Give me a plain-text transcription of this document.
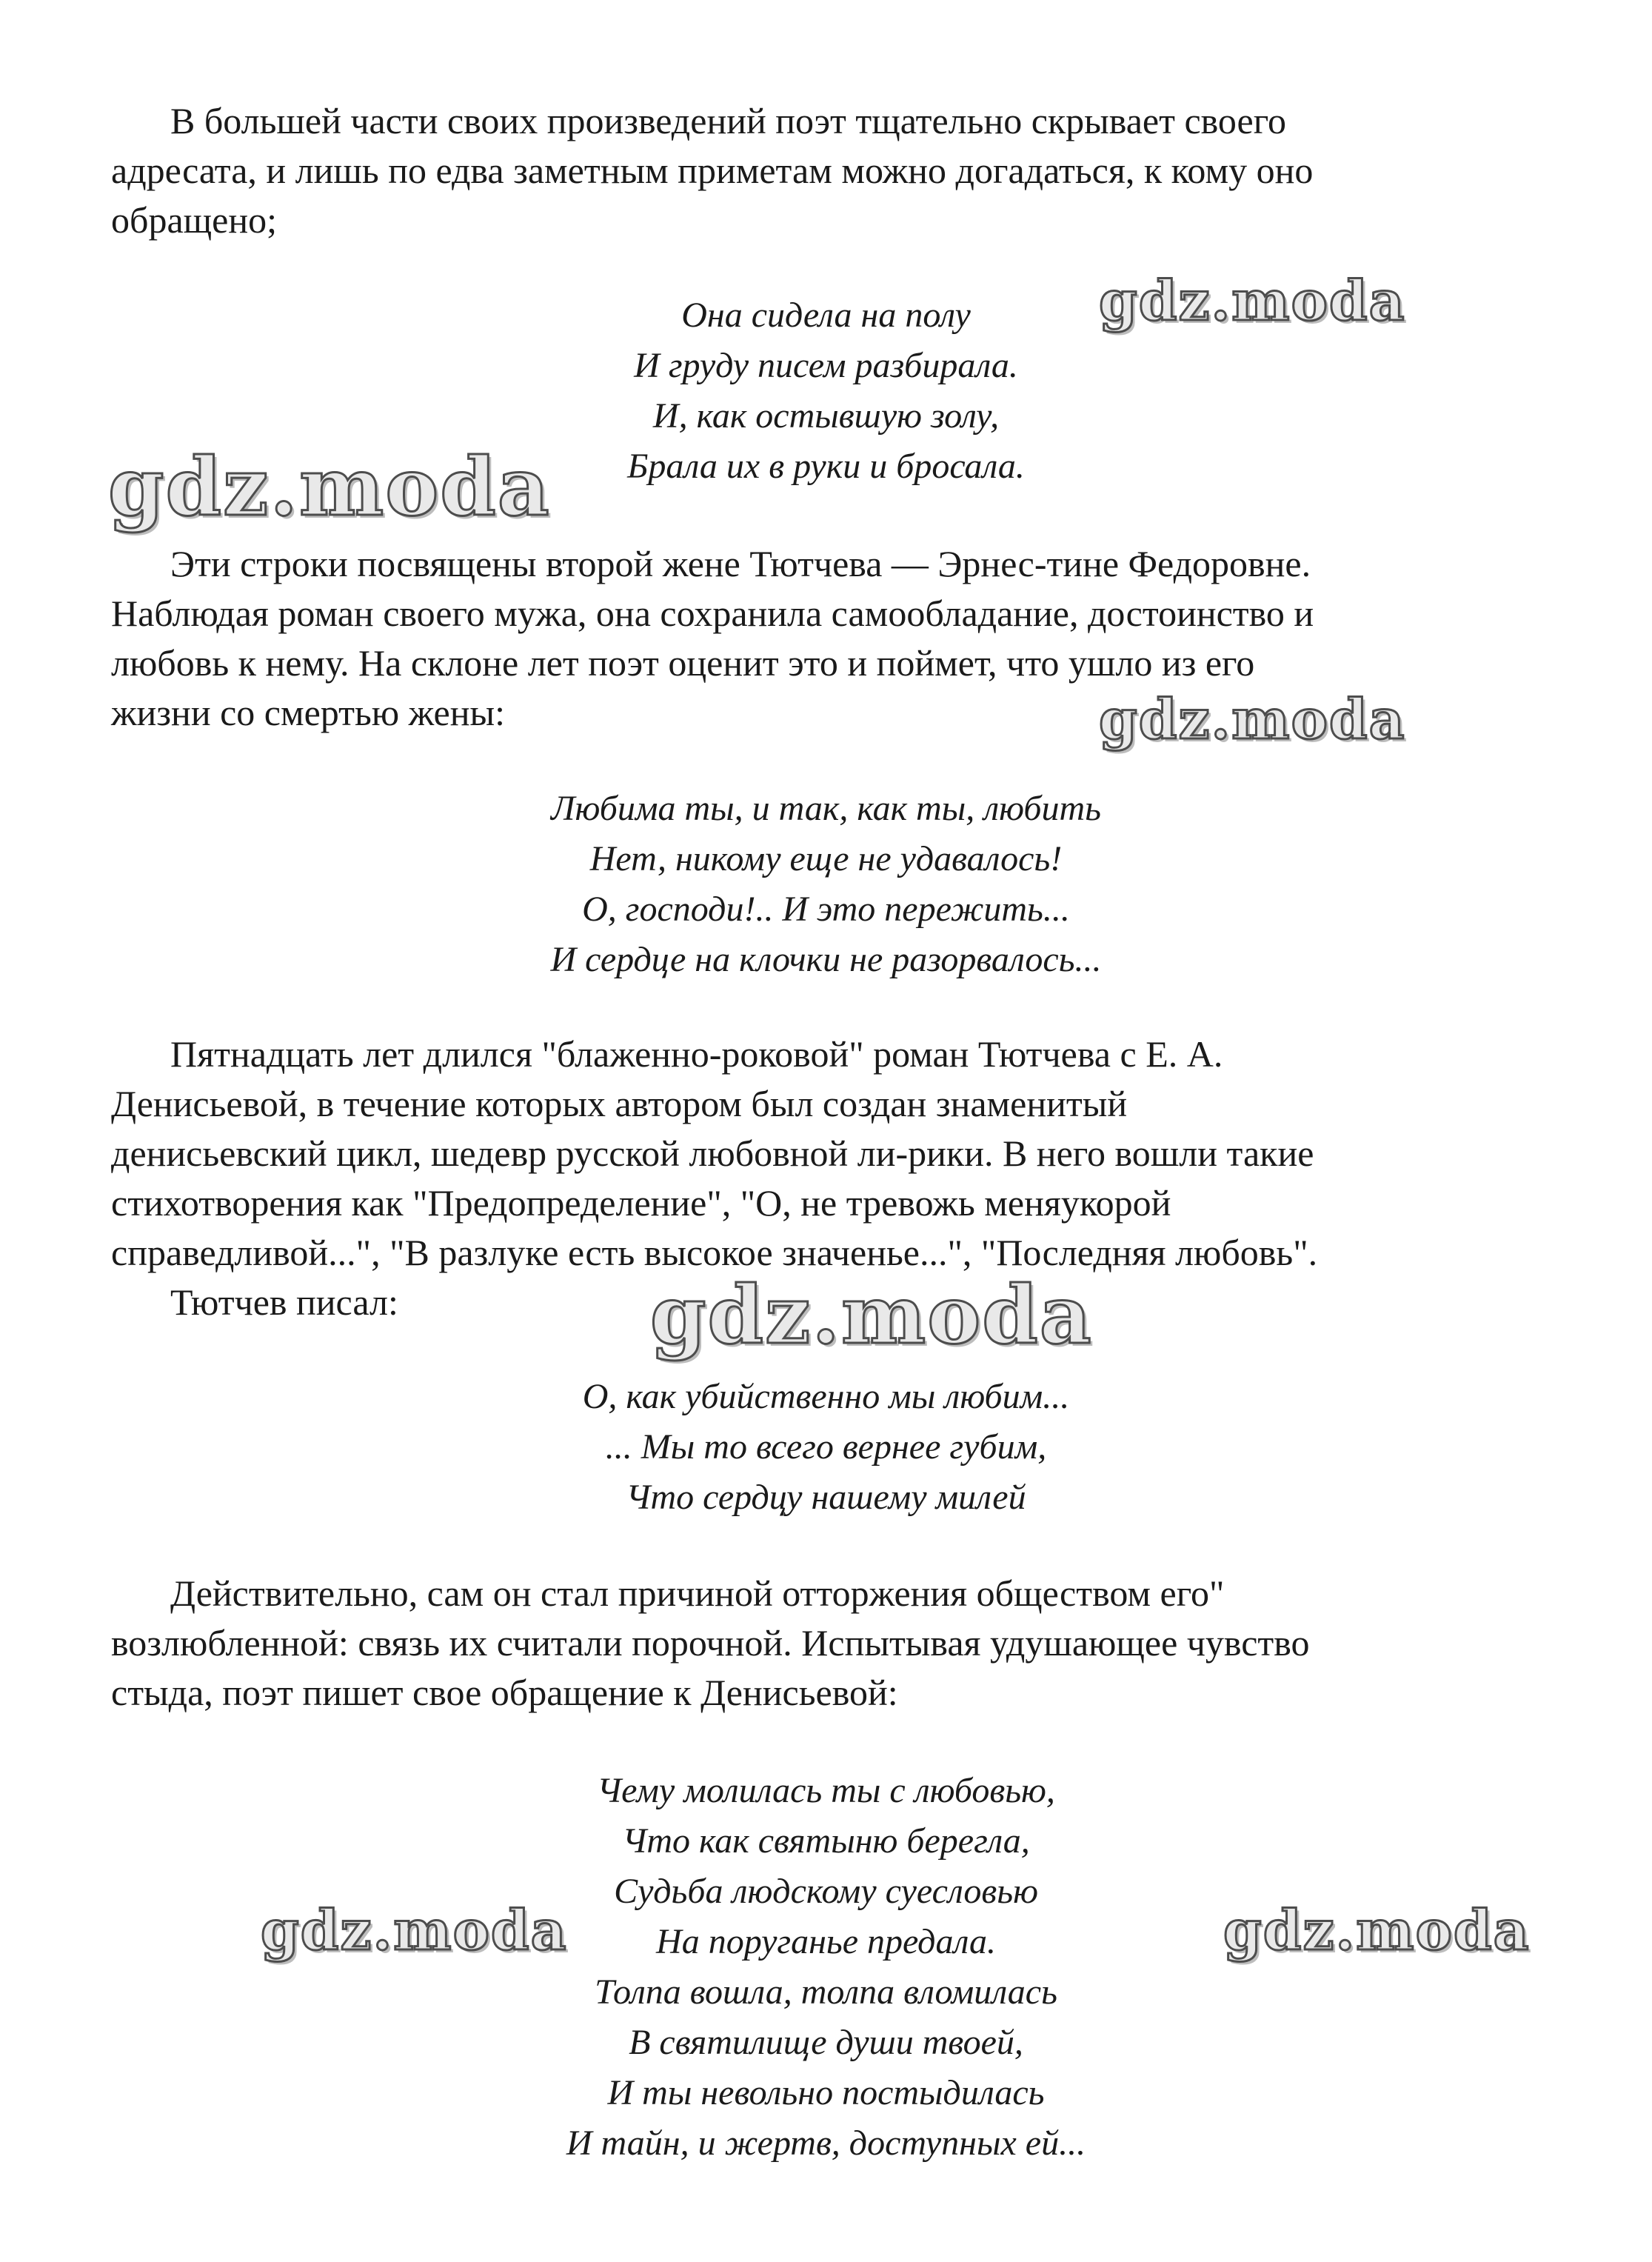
В большей части своих произведений поэт тщательно скрывает своего
адресата, и лишь по едва заметным приметам можно догадаться, к кому оно
обращено;
Она сидела на полу
И груду писем разбирала.
И, как остывшую золу,
Брала их в руки и бросала.
Эти строки посвящены второй жене Тютчева — Эрнес-тине Федоровне.
Наблюдая роман своего мужа, она сохранила самообладание, достоинство и
любовь к нему. На склоне лет поэт оценит это и поймет, что ушло из его
жизни со смертью жены:
Любима ты, и так, как ты, любить
Нет, никому еще не удавалось!
О, господи!.. И это пережить...
И сердце на клочки не разорвалось...
Пятнадцать лет длился "блаженно-роковой" роман Тютчева с Е. А.
Денисьевой, в течение которых автором был создан знаменитый
денисьевский цикл, шедевр русской любовной ли-рики. В него вошли такие
стихотворения как "Предопределение", "О, не тревожь меняукорой
справедливой...", "В разлуке есть высокое значенье...", "Последняя любовь".
Тютчев писал:
О, как убийственно мы любим...
... Мы то всего вернее губим,
Что сердцу нашему милей
Действительно, сам он стал причиной отторжения обществом его"
возлюбленной: связь их считали порочной. Испытывая удушающее чувство
стыда, поэт пишет свое обращение к Денисьевой:
Чему молилась ты с любовью,
Что как святыню берегла,
Судьба людскому суесловью
На поруганье предала.
Толпа вошла, толпа вломилась
В святилище души твоей,
И ты невольно постыдилась
И тайн, и жертв, доступных ей...
gdz.moda
gdz.moda
gdz.moda
gdz.moda
gdz.moda	gdz.moda
